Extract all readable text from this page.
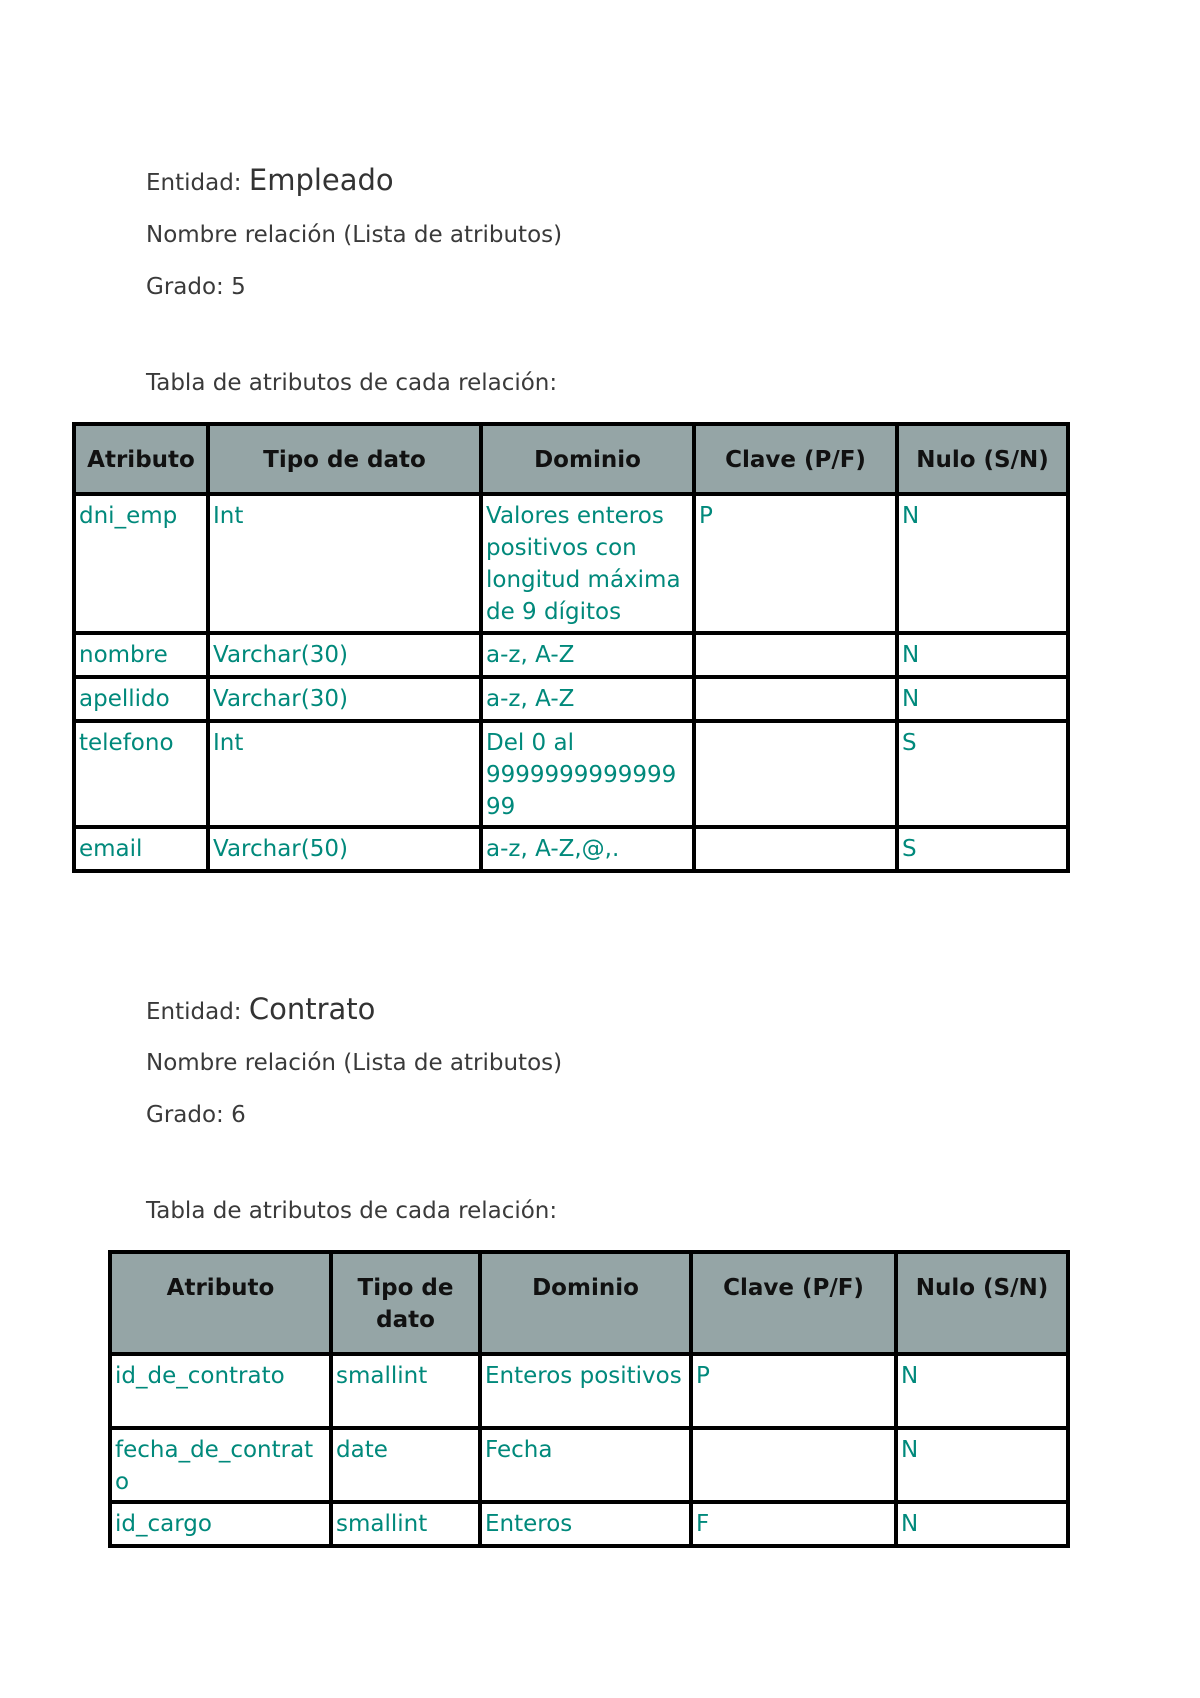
Entidad: Empleado
Nombre relación (Lista de atributos)
Grado: 5
Tabla de atributos de cada relación:
Atributo	Tipo de dato	Dominio	Clave (P/F)	Nulo (S/N)
dni_emp	Int	Valores enteros positivos con longitud máxima de 9 dígitos	P	N
nombre	Varchar(30)	a-z, A-Z		N
apellido	Varchar(30)	a-z, A-Z		N
telefono	Int	Del 0 al 999999999999999		S
email	Varchar(50)	a-z, A-Z,@,.		S
Entidad: Contrato
Nombre relación (Lista de atributos)
Grado: 6
Tabla de atributos de cada relación:
Atributo	Tipo de dato	Dominio	Clave (P/F)	Nulo (S/N)
id_de_contrato	smallint	Enteros positivos	P	N
fecha_de_contrato	date	Fecha		N
id_cargo	smallint	Enteros	F	N
